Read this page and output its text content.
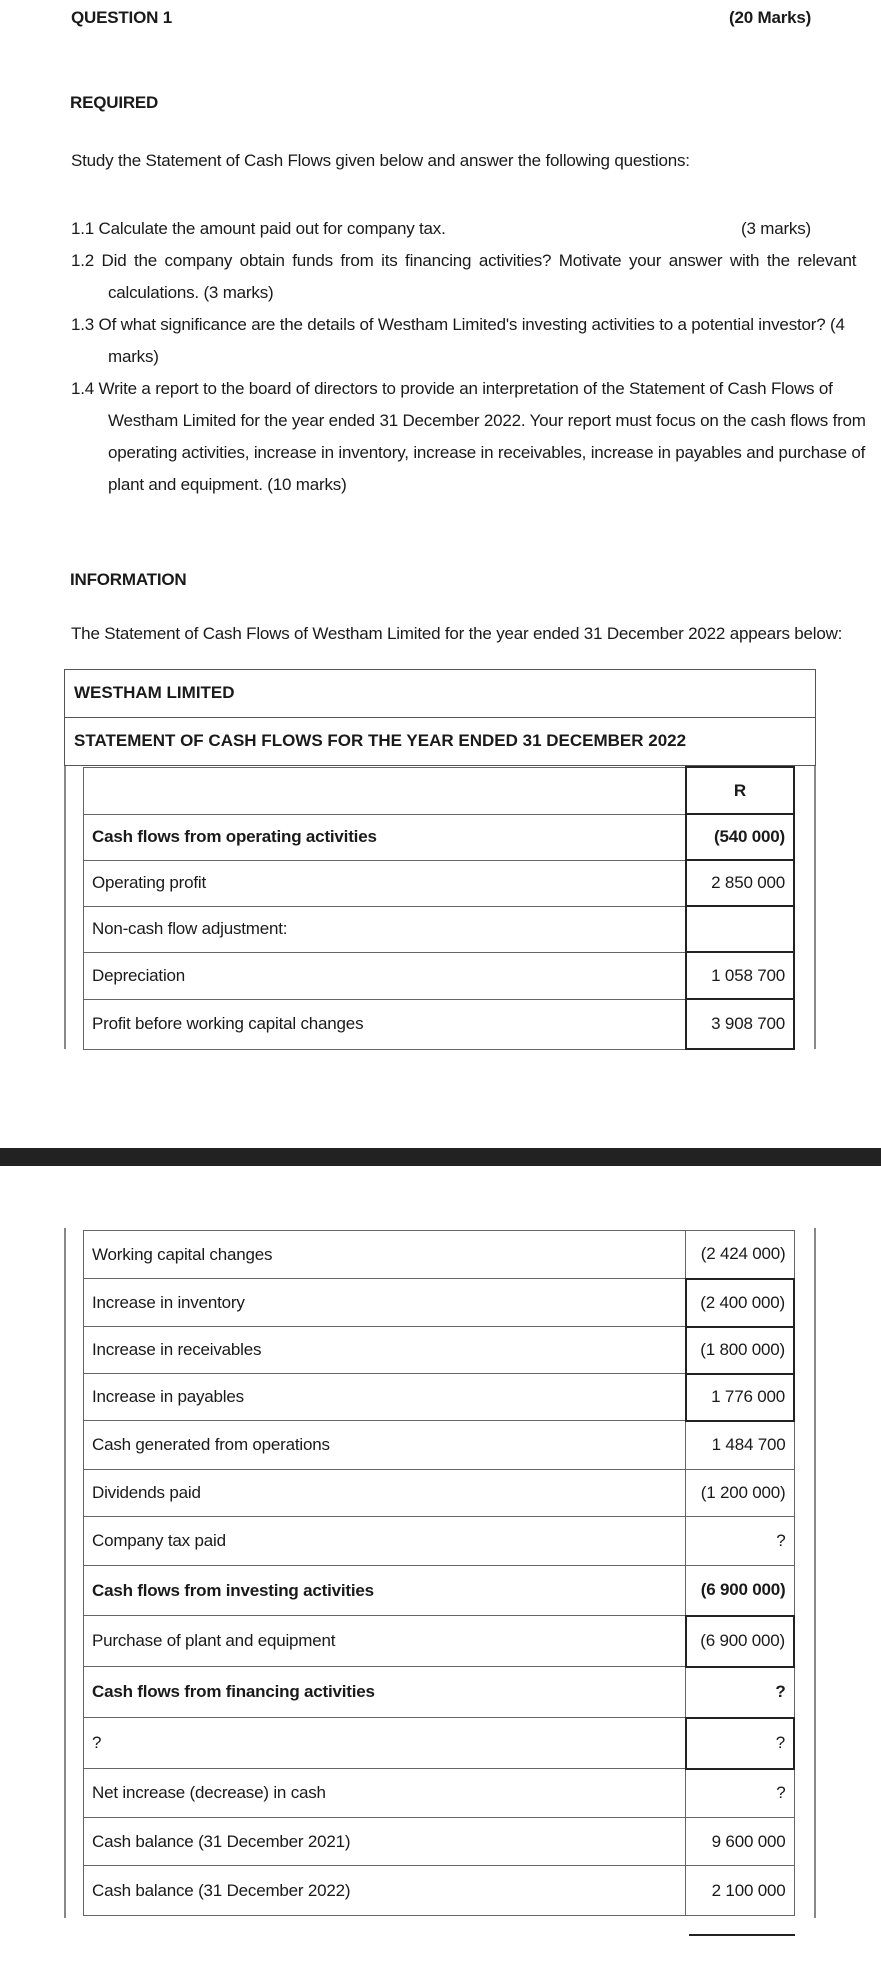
QUESTION 1	(20 Marks)
REQUIRED
Study the Statement of Cash Flows given below and answer the following questions:
1.1 Calculate the amount paid out for company tax.	(3 marks)
1.2 Did the company obtain funds from its financing activities? Motivate your answer with the relevant
calculations. (3 marks)
1.3 Of what significance are the details of Westham Limited's investing activities to a potential investor? (4
marks)
1.4 Write a report to the board of directors to provide an interpretation of the Statement of Cash Flows of
Westham Limited for the year ended 31 December 2022. Your report must focus on the cash flows from
operating activities, increase in inventory, increase in receivables, increase in payables and purchase of
plant and equipment. (10 marks)
INFORMATION
The Statement of Cash Flows of Westham Limited for the year ended 31 December 2022 appears below:
WESTHAM LIMITED
STATEMENT OF CASH FLOWS FOR THE YEAR ENDED 31 DECEMBER 2022
	R
Cash flows from operating activities	(540 000)
Operating profit	2 850 000
Non-cash flow adjustment:	
Depreciation	1 058 700
Profit before working capital changes	3 908 700
Working capital changes	(2 424 000)
Increase in inventory	(2 400 000)
Increase in receivables	(1 800 000)
Increase in payables	1 776 000
Cash generated from operations	1 484 700
Dividends paid	(1 200 000)
Company tax paid	?
Cash flows from investing activities	(6 900 000)
Purchase of plant and equipment	(6 900 000)
Cash flows from financing activities	?
?	?
Net increase (decrease) in cash	?
Cash balance (31 December 2021)	9 600 000
Cash balance (31 December 2022)	2 100 000
